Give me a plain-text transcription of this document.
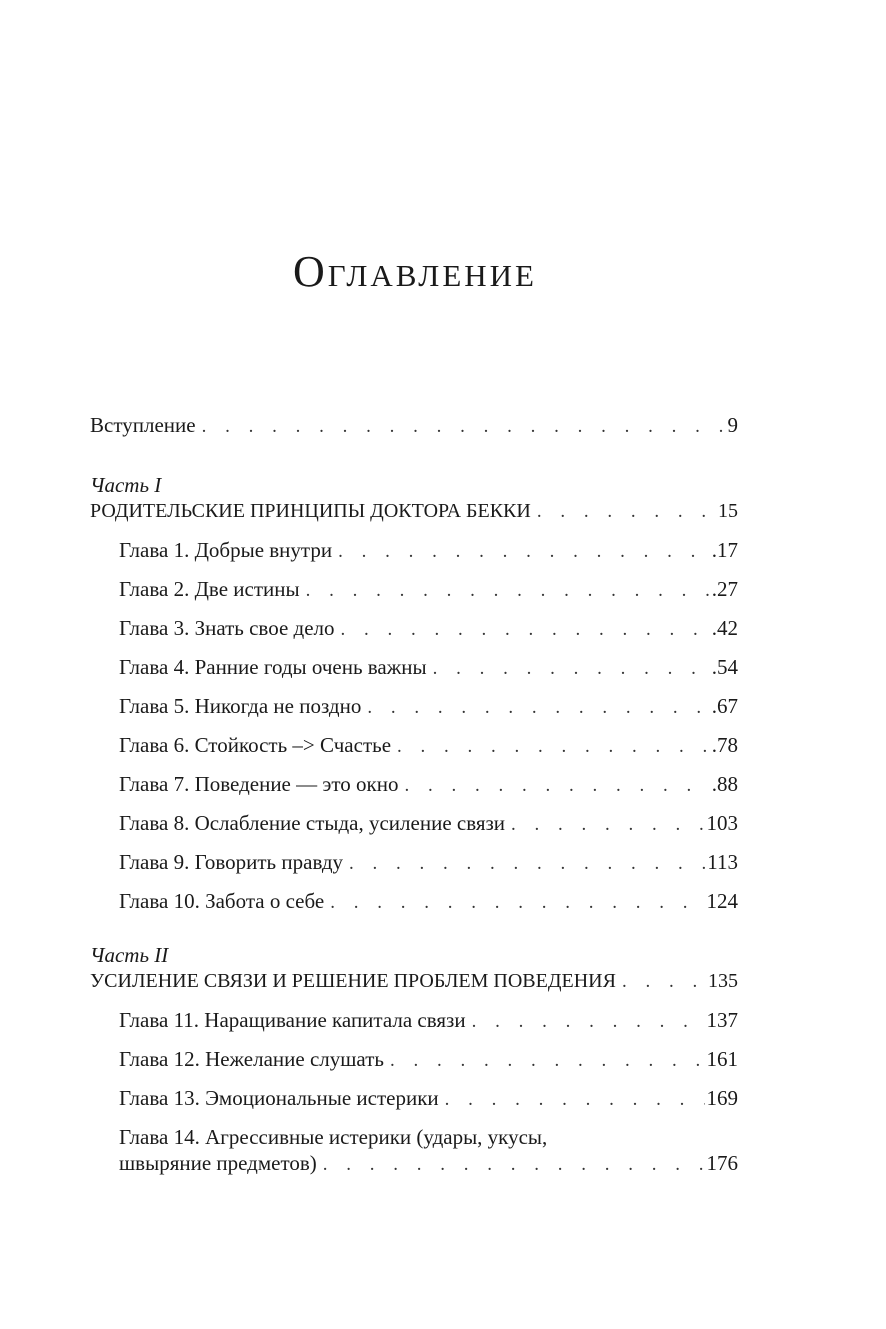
Оглавление
Вступление . . .	9
Часть I
РОДИТЕЛЬСКИЕ ПРИНЦИПЫ ДОКТОРА БЕККИ . . .	15
Глава 1. Добрые внутри . . .	.17
Глава 2. Две истины . . .	.27
Глава 3. Знать свое дело . . .	.42
Глава 4. Ранние годы очень важны . . .	.54
Глава 5. Никогда не поздно . . .	.67
Глава 6. Стойкость –> Счастье . . .	.78
Глава 7. Поведение — это окно . . .	.88
Глава 8. Ослабление стыда, усиление связи . . .	103
Глава 9. Говорить правду . . .	113
Глава 10. Забота о себе . . .	124
Часть II
УСИЛЕНИЕ СВЯЗИ И РЕШЕНИЕ ПРОБЛЕМ ПОВЕДЕНИЯ . . .	135
Глава 11. Наращивание капитала связи . . .	137
Глава 12. Нежелание слушать . . .	161
Глава 13. Эмоциональные истерики . . .	169
Глава 14. Агрессивные истерики (удары, укусы,
швыряние предметов) . . .	176
